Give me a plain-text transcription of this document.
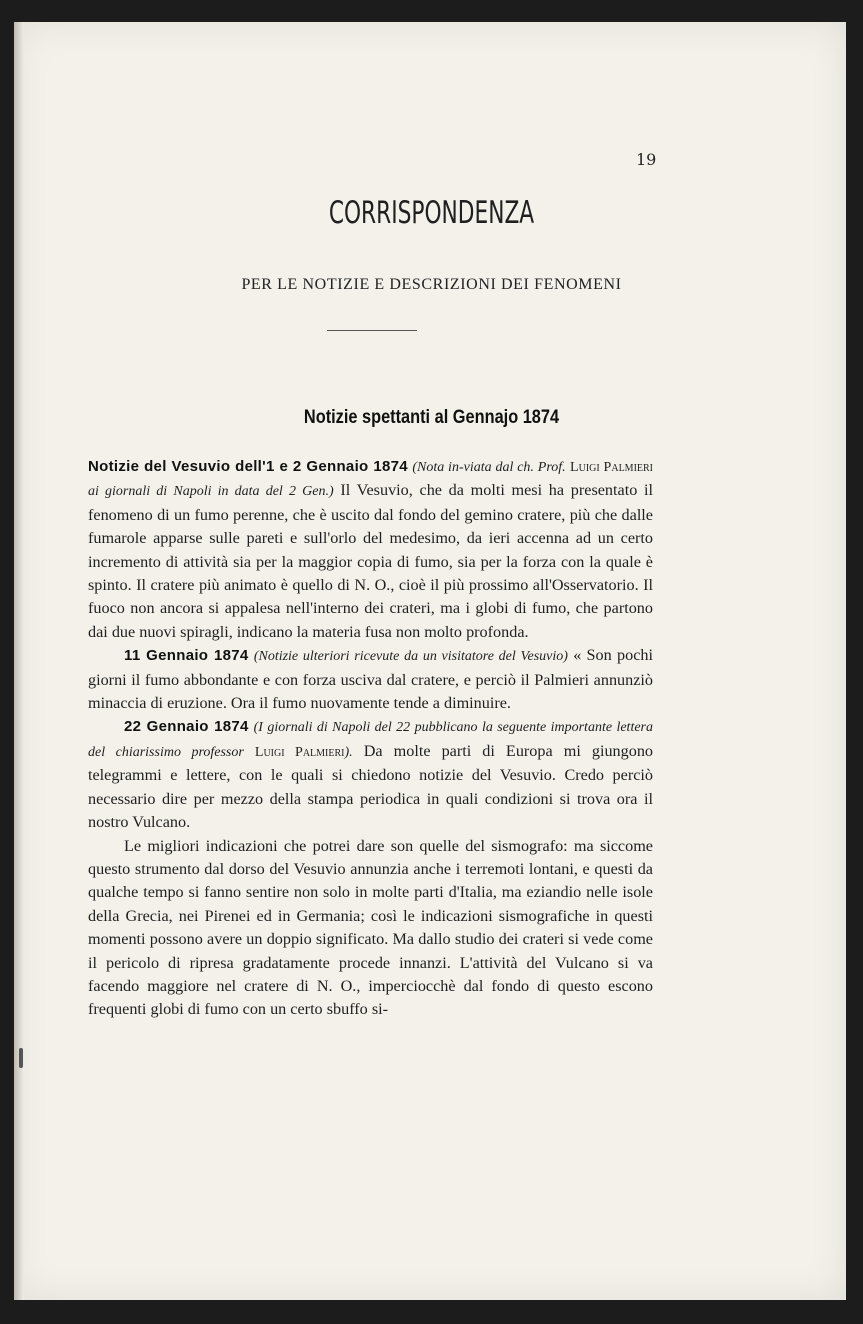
19
CORRISPONDENZA
PER LE NOTIZIE E DESCRIZIONI DEI FENOMENI
Notizie spettanti al Gennajo 1874

Notizie del Vesuvio dell'1 e 2 Gennaio 1874 (Nota in-viata dal ch. Prof. Luigi Palmieri ai giornali di Napoli in data del 2 Gen.) Il Vesuvio, che da molti mesi ha presentato il fenomeno di un fumo perenne, che è uscito dal fondo del gemino cratere, più che dalle fumarole apparse sulle pareti e sull'orlo del medesimo, da ieri accenna ad un certo incremento di attività sia per la maggior copia di fumo, sia per la forza con la quale è spinto. Il cratere più animato è quello di N. O., cioè il più prossimo all'Osservatorio. Il fuoco non ancora si appalesa nell'interno dei crateri, ma i globi di fumo, che partono dai due nuovi spiragli, indicano la materia fusa non molto profonda.

11 Gennaio 1874 (Notizie ulteriori ricevute da un visitatore del Vesuvio) « Son pochi giorni il fumo abbondante e con forza usciva dal cratere, e perciò il Palmieri annunziò minaccia di eruzione. Ora il fumo nuovamente tende a diminuire.

22 Gennaio 1874 (I giornali di Napoli del 22 pubblicano la seguente importante lettera del chiarissimo professor Luigi Palmieri). Da molte parti di Europa mi giungono telegrammi e lettere, con le quali si chiedono notizie del Vesuvio. Credo perciò necessario dire per mezzo della stampa periodica in quali condizioni si trova ora il nostro Vulcano.

Le migliori indicazioni che potrei dare son quelle del sismografo: ma siccome questo strumento dal dorso del Vesuvio annunzia anche i terremoti lontani, e questi da qualche tempo si fanno sentire non solo in molte parti d'Italia, ma eziandio nelle isole della Grecia, nei Pirenei ed in Germania; così le indicazioni sismografiche in questi momenti possono avere un doppio significato. Ma dallo studio dei crateri si vede come il pericolo di ripresa gradatamente procede innanzi. L'attività del Vulcano si va facendo maggiore nel cratere di N. O., imperciocchè dal fondo di questo escono frequenti globi di fumo con un certo sbuffo si-
